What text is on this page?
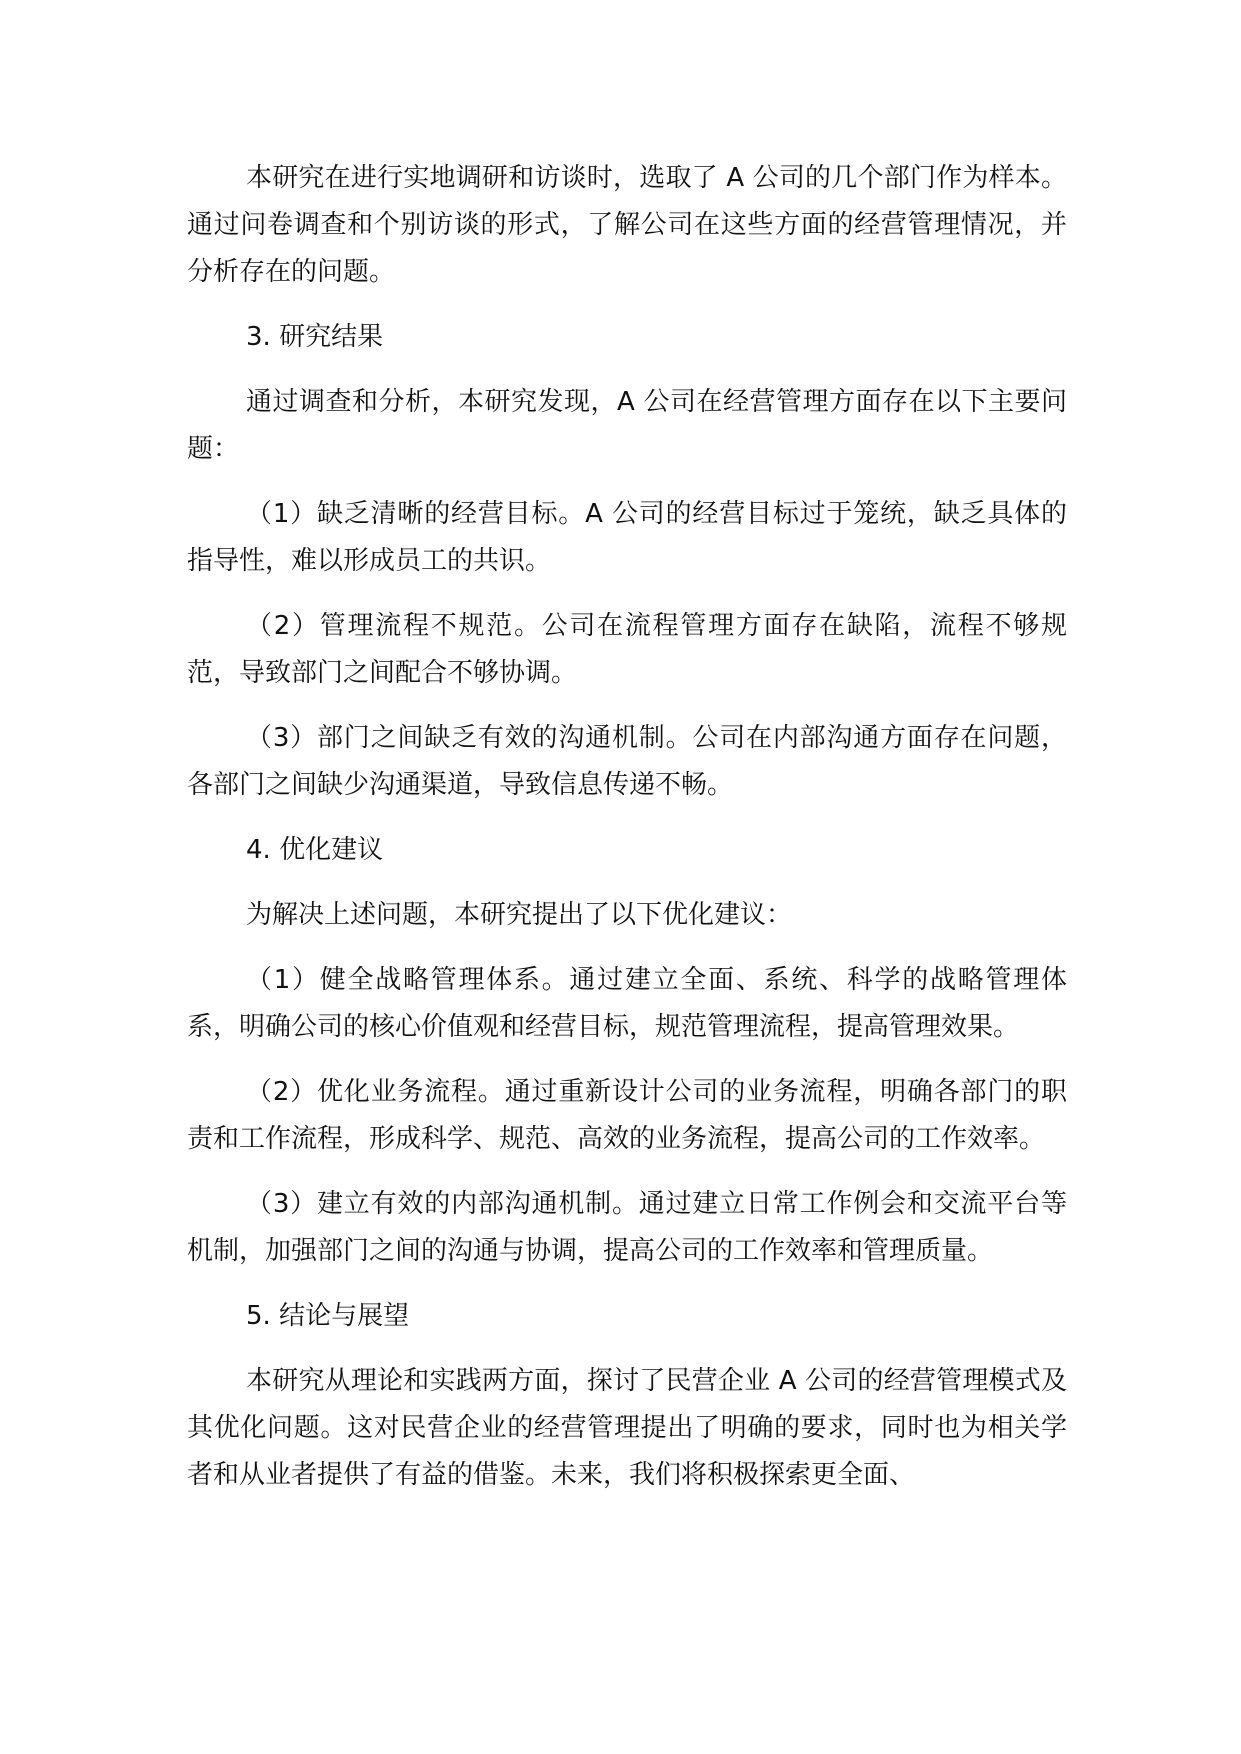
本研究在进行实地调研和访谈时，选取了 A 公司的几个部门作为样本。通过问卷调查和个别访谈的形式，了解公司在这些方面的经营管理情况，并分析存在的问题。

3. 研究结果

通过调查和分析，本研究发现，A 公司在经营管理方面存在以下主要问题：

（1）缺乏清晰的经营目标。A 公司的经营目标过于笼统，缺乏具体的指导性，难以形成员工的共识。

（2）管理流程不规范。公司在流程管理方面存在缺陷，流程不够规范，导致部门之间配合不够协调。

（3）部门之间缺乏有效的沟通机制。公司在内部沟通方面存在问题，各部门之间缺少沟通渠道，导致信息传递不畅。

4. 优化建议

为解决上述问题，本研究提出了以下优化建议：

（1）健全战略管理体系。通过建立全面、系统、科学的战略管理体系，明确公司的核心价值观和经营目标，规范管理流程，提高管理效果。

（2）优化业务流程。通过重新设计公司的业务流程，明确各部门的职责和工作流程，形成科学、规范、高效的业务流程，提高公司的工作效率。

（3）建立有效的内部沟通机制。通过建立日常工作例会和交流平台等机制，加强部门之间的沟通与协调，提高公司的工作效率和管理质量。

5. 结论与展望

本研究从理论和实践两方面，探讨了民营企业 A 公司的经营管理模式及其优化问题。这对民营企业的经营管理提出了明确的要求，同时也为相关学者和从业者提供了有益的借鉴。未来，我们将积极探索更全面、
